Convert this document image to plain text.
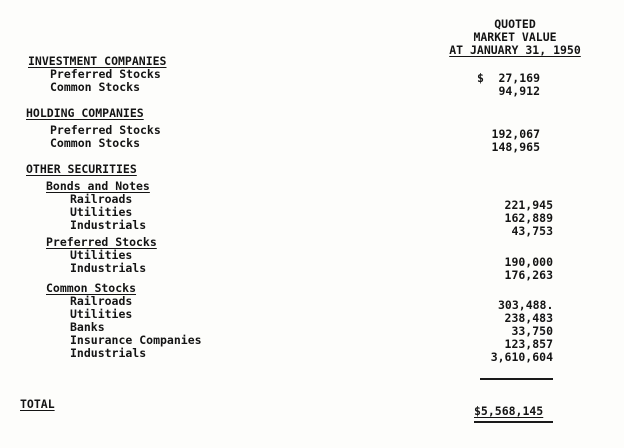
QUOTED
MARKET VALUE
AT JANUARY 31, 1950
INVESTMENT COMPANIES
Preferred Stocks	$	27,169
Common Stocks	94,912
HOLDING COMPANIES
Preferred Stocks	192,067
Common Stocks	148,965
OTHER SECURITIES
Bonds and Notes
Railroads	221,945
Utilities	162,889
Industrials	43,753
Preferred Stocks
Utilities	190,000
Industrials	176,263
Common Stocks
Railroads	303,488.
Utilities	238,483
Banks	33,750
Insurance Companies	123,857
Industrials	3,610,604
TOTAL	$5,568,145
